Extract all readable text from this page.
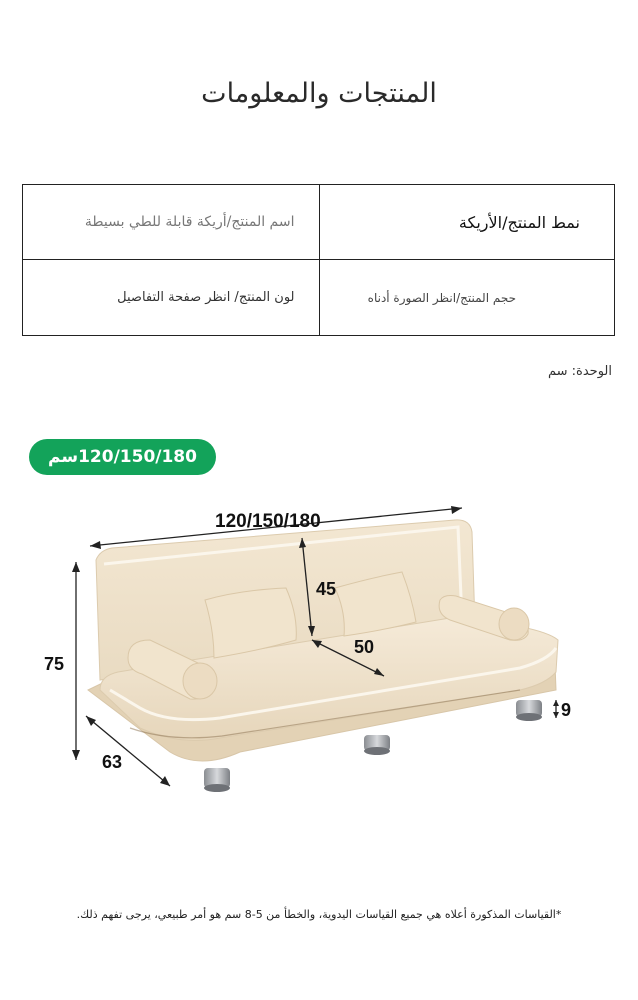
المنتجات والمعلومات
نمط المنتج/الأريكة
اسم المنتج/أريكة قابلة للطي بسيطة
حجم المنتج/انظر الصورة أدناه
لون المنتج/ انظر صفحة التفاصيل
الوحدة: سم
120/150/180سم
120/150/180
45
50
75
63
9
*القياسات المذكورة أعلاه هي جميع القياسات اليدوية، والخطأ من 5-8 سم هو أمر طبيعي، يرجى تفهم ذلك.
